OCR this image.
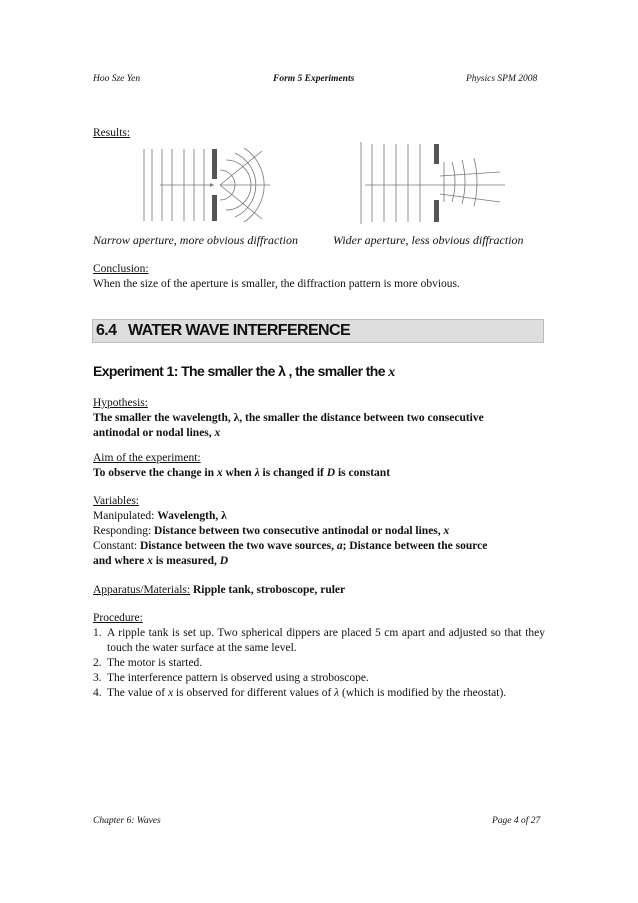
Hoo Sze Yen	Form 5 Experiments	Physics SPM 2008
Results:
Narrow aperture, more obvious diffraction	Wider aperture, less obvious diffraction
Conclusion:
When the size of the aperture is smaller, the diffraction pattern is more obvious.
6.4   WATER WAVE INTERFERENCE
Experiment 1: The smaller the λ , the smaller the x
Hypothesis:
The smaller the wavelength, λ, the smaller the distance between two consecutive
antinodal or nodal lines, x
Aim of the experiment:
To observe the change in x when λ is changed if D is constant
Variables:
Manipulated: Wavelength, λ
Responding: Distance between two consecutive antinodal or nodal lines, x
Constant: Distance between the two wave sources, a; Distance between the source
and where x is measured, D
Apparatus/Materials: Ripple tank, stroboscope, ruler
Procedure:
1. A ripple tank is set up. Two spherical dippers are placed 5 cm apart and adjusted so that they touch the water surface at the same level.
2. The motor is started.
3. The interference pattern is observed using a stroboscope.
4. The value of x is observed for different values of λ (which is modified by the rheostat).
Chapter 6: Waves	Page 4 of 27
